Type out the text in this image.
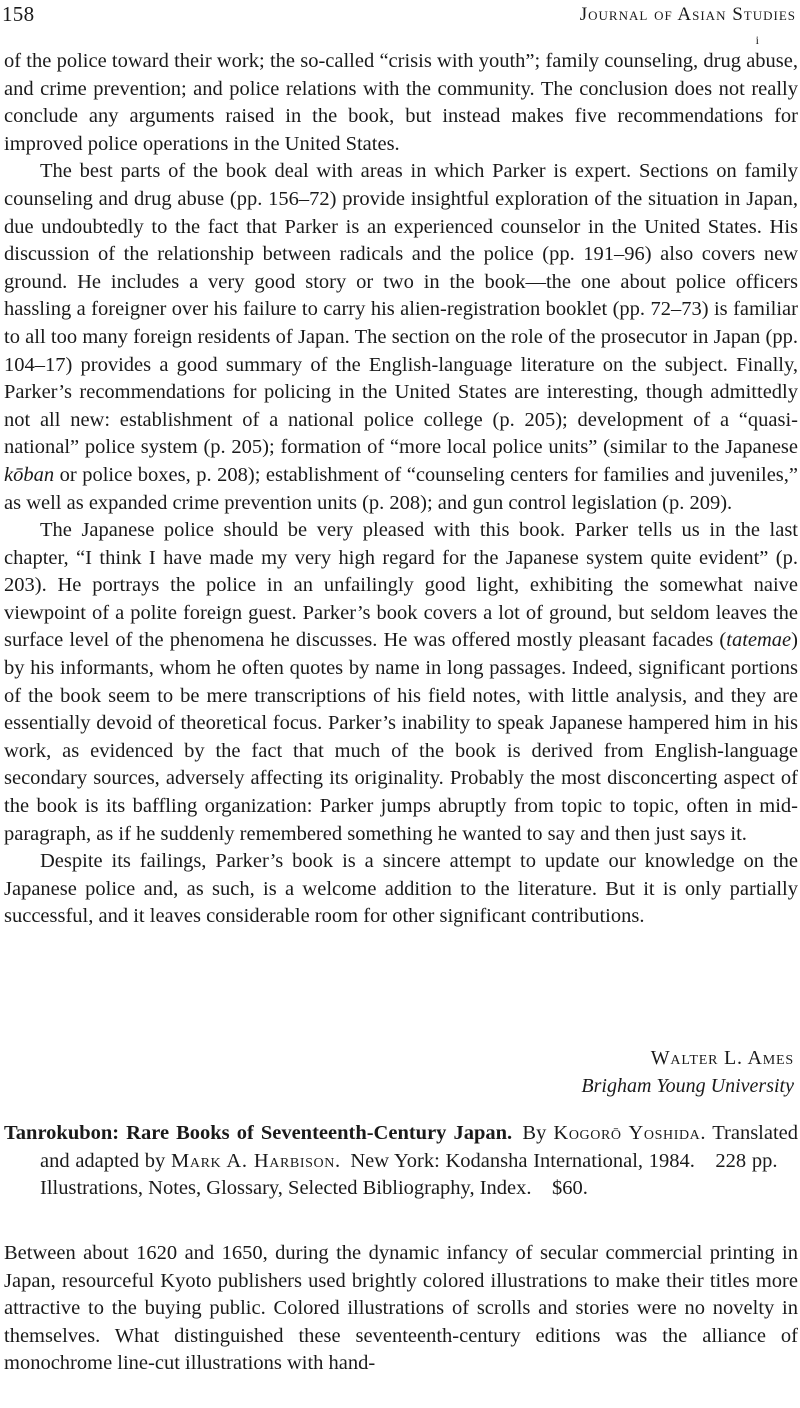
158	Journal of Asian Studies
i

of the police toward their work; the so-called “crisis with youth”; family counseling, drug abuse, and crime prevention; and police relations with the community. The conclusion does not really conclude any arguments raised in the book, but instead makes five recommendations for improved police operations in the United States.

The best parts of the book deal with areas in which Parker is expert. Sections on family counseling and drug abuse (pp. 156–72) provide insightful exploration of the situation in Japan, due undoubtedly to the fact that Parker is an experienced counselor in the United States. His discussion of the relationship between radicals and the police (pp. 191–96) also covers new ground. He includes a very good story or two in the book—the one about police officers hassling a foreigner over his failure to carry his alien-registration booklet (pp. 72–73) is familiar to all too many foreign residents of Japan. The section on the role of the prosecutor in Japan (pp. 104–17) provides a good summary of the English-language literature on the subject. Finally, Parker’s recommendations for policing in the United States are interesting, though admittedly not all new: establishment of a national police college (p. 205); development of a “quasinational” police system (p. 205); formation of “more local police units” (similar to the Japanese kōban or police boxes, p. 208); establishment of “counseling centers for families and juveniles,” as well as expanded crime prevention units (p. 208); and gun control legislation (p. 209).

The Japanese police should be very pleased with this book. Parker tells us in the last chapter, “I think I have made my very high regard for the Japanese system quite evident” (p. 203). He portrays the police in an unfailingly good light, exhibiting the somewhat naive viewpoint of a polite foreign guest. Parker’s book covers a lot of ground, but seldom leaves the surface level of the phenomena he discusses. He was offered mostly pleasant facades (tatemae) by his informants, whom he often quotes by name in long passages. Indeed, significant portions of the book seem to be mere transcriptions of his field notes, with little analysis, and they are essentially devoid of theoretical focus. Parker’s inability to speak Japanese hampered him in his work, as evidenced by the fact that much of the book is derived from English-language secondary sources, adversely affecting its originality. Probably the most disconcerting aspect of the book is its baffling organization: Parker jumps abruptly from topic to topic, often in midparagraph, as if he suddenly remembered something he wanted to say and then just says it.

Despite its failings, Parker’s book is a sincere attempt to update our knowledge on the Japanese police and, as such, is a welcome addition to the literature. But it is only partially successful, and it leaves considerable room for other significant contributions.

Walter L. Ames
Brigham Young University
Tanrokubon: Rare Books of Seventeenth-Century Japan.  By Kogorō Yoshida. Translated and adapted by Mark A. Harbison. New York: Kodansha International, 1984. 228 pp. Illustrations, Notes, Glossary, Selected Bibliography, Index. $60.

Between about 1620 and 1650, during the dynamic infancy of secular commercial printing in Japan, resourceful Kyoto publishers used brightly colored illustrations to make their titles more attractive to the buying public. Colored illustrations of scrolls and stories were no novelty in themselves. What distinguished these seventeenth-century editions was the alliance of monochrome line-cut illustrations with hand-
